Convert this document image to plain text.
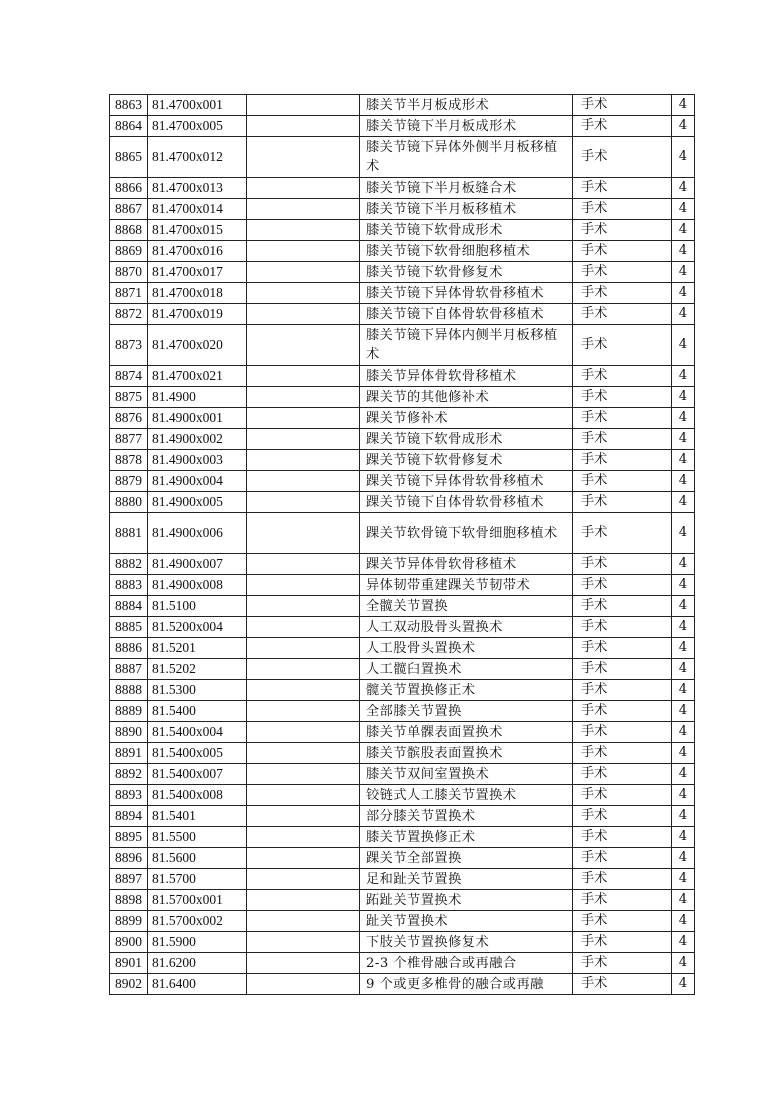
8863	81.4700x001		膝关节半月板成形术	手术	4
8864	81.4700x005		膝关节镜下半月板成形术	手术	4
8865	81.4700x012		膝关节镜下异体外侧半月板移植术	手术	4
8866	81.4700x013		膝关节镜下半月板缝合术	手术	4
8867	81.4700x014		膝关节镜下半月板移植术	手术	4
8868	81.4700x015		膝关节镜下软骨成形术	手术	4
8869	81.4700x016		膝关节镜下软骨细胞移植术	手术	4
8870	81.4700x017		膝关节镜下软骨修复术	手术	4
8871	81.4700x018		膝关节镜下异体骨软骨移植术	手术	4
8872	81.4700x019		膝关节镜下自体骨软骨移植术	手术	4
8873	81.4700x020		膝关节镜下异体内侧半月板移植术	手术	4
8874	81.4700x021		膝关节异体骨软骨移植术	手术	4
8875	81.4900		踝关节的其他修补术	手术	4
8876	81.4900x001		踝关节修补术	手术	4
8877	81.4900x002		踝关节镜下软骨成形术	手术	4
8878	81.4900x003		踝关节镜下软骨修复术	手术	4
8879	81.4900x004		踝关节镜下异体骨软骨移植术	手术	4
8880	81.4900x005		踝关节镜下自体骨软骨移植术	手术	4
8881	81.4900x006		踝关节软骨镜下软骨细胞移植术	手术	4
8882	81.4900x007		踝关节异体骨软骨移植术	手术	4
8883	81.4900x008		异体韧带重建踝关节韧带术	手术	4
8884	81.5100		全髋关节置换	手术	4
8885	81.5200x004		人工双动股骨头置换术	手术	4
8886	81.5201		人工股骨头置换术	手术	4
8887	81.5202		人工髋臼置换术	手术	4
8888	81.5300		髋关节置换修正术	手术	4
8889	81.5400		全部膝关节置换	手术	4
8890	81.5400x004		膝关节单髁表面置换术	手术	4
8891	81.5400x005		膝关节髌股表面置换术	手术	4
8892	81.5400x007		膝关节双间室置换术	手术	4
8893	81.5400x008		铰链式人工膝关节置换术	手术	4
8894	81.5401		部分膝关节置换术	手术	4
8895	81.5500		膝关节置换修正术	手术	4
8896	81.5600		踝关节全部置换	手术	4
8897	81.5700		足和趾关节置换	手术	4
8898	81.5700x001		跖趾关节置换术	手术	4
8899	81.5700x002		趾关节置换术	手术	4
8900	81.5900		下肢关节置换修复术	手术	4
8901	81.6200		2-3 个椎骨融合或再融合	手术	4
8902	81.6400		9 个或更多椎骨的融合或再融	手术	4
